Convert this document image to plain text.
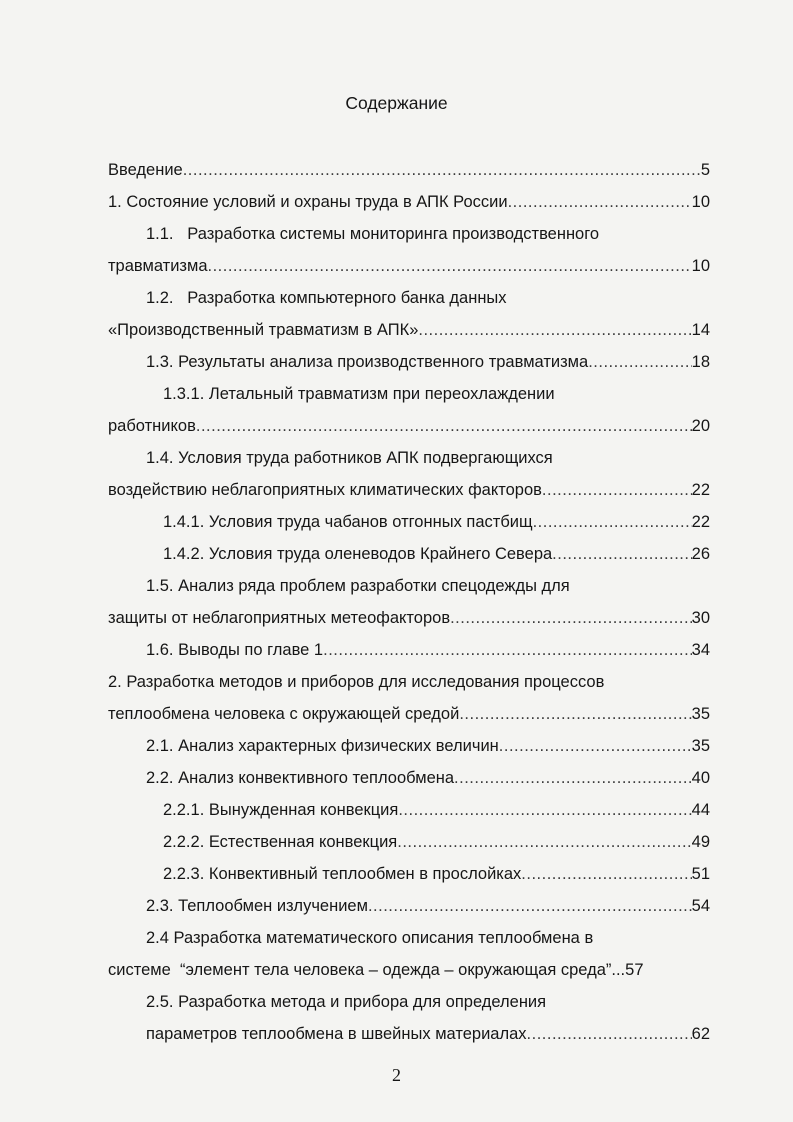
Содержание
Введение .....	5
1. Состояние условий и охраны труда в АПК России .....	10
1.1.   Разработка системы мониторинга производственного
травматизма .....	10
1.2.   Разработка компьютерного банка данных
«Производственный травматизм в АПК» .....	14
1.3. Результаты анализа производственного травматизма .....	18
1.3.1. Летальный травматизм при переохлаждении
работников .....	20
1.4. Условия труда работников АПК подвергающихся
воздействию неблагоприятных климатических факторов .....	22
1.4.1. Условия труда чабанов отгонных пастбищ .....	22
1.4.2. Условия труда оленеводов Крайнего Севера .....	26
1.5. Анализ ряда проблем разработки спецодежды для
защиты от неблагоприятных метеофакторов .....	30
1.6. Выводы по главе 1 .....	34
2. Разработка методов и приборов для исследования процессов
теплообмена человека с окружающей средой .....	35
2.1. Анализ характерных физических величин .....	35
2.2. Анализ конвективного теплообмена .....	40
2.2.1. Вынужденная конвекция .....	44
2.2.2. Естественная конвекция .....	49
2.2.3. Конвективный теплообмен в прослойках .....	51
2.3. Теплообмен излучением .....	54
2.4 Разработка математического описания теплообмена в
системе  “элемент тела человека – одежда – окружающая среда”... 57
2.5. Разработка метода и прибора для определения
параметров теплообмена в швейных материалах .....	62
2
